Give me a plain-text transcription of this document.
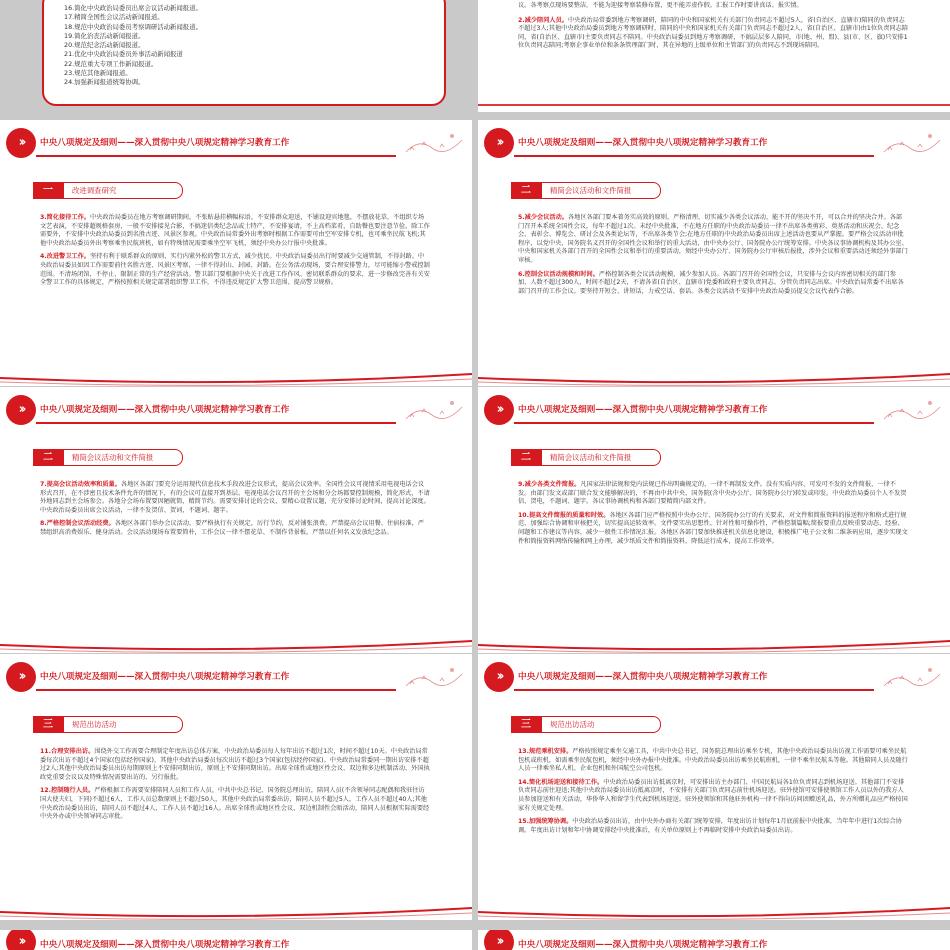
16.简化中央政治局委员出席会议活动新闻报道。
17.精简全国性会议活动新闻报道。
18.规范中央政治局委员考察调研活动新闻报道。
19.简化治丧活动新闻报道。
20.规范纪念活动新闻报道。
21.优化中央政治局委员外事活动新闻报道
22.规范重大专项工作新闻报道。
23.规范其他新闻报道。
24.加强新闻报道统筹协调。
议。各考察点现场要整洁，不能为迎接考察装修布置，更不能弄虚作假。汇报工作时要讲真话、报实情。
2.减少陪同人员。中央政治局常委到地方考察调研，陪同的中央和国家机关有关部门负责同志不超过5人，省(自治区、直辖市)陪同的负责同志不超过3人;其他中央政治局委员到地方考察调研时，陪同的中央和国家机关有关部门负责同志不超过2人，省(自治区、直辖市)由1位负责同志陪同，省(自治区、直辖市)主要负责同志不陪同。中央政治局委员到地方考察调研，不搞层层多人陪同，市(地、州、盟)、县(市、区、旗)只安排1位负责同志陪同;考察企事业单位和条条管理部门时，其在异地的上级单位和主管部门的负责同志不到现场陪同。
››	中央八项规定及细则——深入贯彻中央八项规定精神学习教育工作
一	改进调查研究
3.简化接待工作。中央政治局委员在地方考察调研期间，不张贴悬挂横幅标语，不安排群众迎送，不铺设迎宾地毯，不摆放花草，不组织专场文艺表演，不安排超规格套房，一般不安排接见合影，不搞迷信类纪念品或土特产，不安排宴请，不上高档菜肴，自助餐也要注意节俭。除工作需要外，不安排中央政治局委员到名胜古迹、风景区参观。中央政治局常委外出考察时根据工作需要可由空军安排专机，也可乘坐民航飞机;其他中央政治局委员外出考察乘坐民航班机，如有特殊情况需要乘坐空军飞机，须经中央办公厅报中央批准。
4.改进警卫工作。坚持有利于联系群众的原则，实行内紧外松的警卫方式，减少扰民。中央政治局委员出行时要减少交通管制，不得封路。中央政治局委员如因工作需要前往名胜古迹、风景区考察，一律不得封山、封园、封路。在公务活动现场，要合理安排警力，尽可能缩小警戒控制范围。不清场闭馆，不停止、限制正常的生产经营活动。警卫部门要根据中央关于改进工作作风、密切联系群众的要求，进一步修改完善有关安全警卫工作的具体规定，严格按照相关规定部署组织警卫工作，不得违反规定扩大警卫范围、提高警卫规格。
››	中央八项规定及细则——深入贯彻中央八项规定精神学习教育工作
二	精简会议活动和文件简报
5.减少会议活动。各地区各部门要本着务实高效的原则，严格清理、切实减少各类会议活动，能不开的坚决不开，可以合并的坚决合并。各部门召开本系统全国性会议，每年不超过1次。未经中央批准，不在地方任职的中央政治局委员一律不出席各类剪彩、奠基活动和庆祝会、纪念会、表彰会、博览会、研讨会及各类论坛等，不出席各类节会;在地方任职的中央政治局委员出席上述活动也要从严掌握。要严格会议活动审批程序，以党中央、国务院名义召开的全国性会议和举行的重大活动，由中央办公厅、国务院办公厅统筹安排。中央各议事协调机构及其办公室、中央和国家机关各部门召开的全国性会议和举行的重要活动，须经中央办公厅、国务院办公厅审核后报批，涉外会议和重要活动还须经外事部门审核。
6.控制会议活动规模和时间。严格控制各类会议活动规模，减少参加人员。各部门召开的全国性会议，只安排与会议内容密切相关的部门参加，人数不超过300人，时间不超过2天，不请各省(自治区、直辖市)党委和政府主要负责同志、分管负责同志出席。中央政治局常委不出席各部门召开的工作会议。要坚持开短会、讲短话，力戒空话、套话。各类会议活动不安排中央政治局委员提交会议代表作合影。
››	中央八项规定及细则——深入贯彻中央八项规定精神学习教育工作
二	精简会议活动和文件简报
7.提高会议活动效率和质量。各地区各部门要充分运用现代信息技术手段改进会议形式，提高会议效率。全国性会议可视情采用电视电话会议形式召开，在不涉密且技术条件允许的情况下，有的会议可直接开到基层。电视电话会议召开的主会场和分会场都要控制规模，简化形式，不请外地同志到主会场参会。各地分会场布置要因陋就简，精简节约。需要安排讨论的会议，要精心设置议题，充分安排讨论时间，提高讨论深度。中央政治局委员出席会议活动，一律不发贺信、贺词，不题词、题字。
8.严格控制会议活动经费。各地区各部门举办会议活动，要严格执行有关规定，厉行节约，反对铺张浪费。严禁提高会议用餐、住宿标准，严禁组织高消费娱乐、健身活动。会议活动现场布置要简朴，工作会议一律不摆花草、不制作背景板。严禁以任何名义发放纪念品。
››	中央八项规定及细则——深入贯彻中央八项规定精神学习教育工作
二	精简会议活动和文件简报
9.减少各类文件简报。凡国家法律法规和党内法规已作出明确规定的，一律不再制发文件。没有实质内容、可发可不发的文件简报，一律不发。由部门发文或部门联合发文能够解决的，不再由中共中央、国务院(含中央办公厅、国务院办公厅)转发或印发。中央政治局委员个人不发贺信、贺电，不题词、题字。各议事协调机构和各部门要精简内部文件。
10.提高文件简报的质量和时效。各地区各部门应严格按照中央办公厅、国务院办公厅的有关要求，对文件和简报资料的报送程序和格式进行规范，加强综合协调和审核把关，切实提高运转效率。文件要实出思想性、针对性和可操作性，严格控制篇幅;简报要重点反映重要动态、经验、问题和工作建议等内容，减少一般性工作情况汇报。各地区各部门要加快推进机关信息化建设，积极推广电子公文和二维条码应用，逐步实现文件和简报资料网络传输和网上办理，减少纸质文件和简报资料，降低运行成本，提高工作效率。
››	中央八项规定及细则——深入贯彻中央八项规定精神学习教育工作
三	规范出访活动
11.合理安排出访。围绕外交工作需要合理制定年度出访总体方案，中央政治局委员每人每年出访不超过1次，时间不超过10天。中央政治局常委每次出访不超过4个国家(包括经停国家)，其他中央政治局委员每次出访不超过3个国家(包括经停国家)。中央政治局常委同一期出访安排不超过2人;其他中央政治局委员出访每期原则上不安排同期出访，原则上不安排同期出访。出席全球性或地区性会议、双边和多边机制活动、外国执政党重要会议以及特殊情况需要出访的，另行报批。
12.控制随行人员。严格根据工作需要安排陪同人员和工作人员，中共中央总书记、国务院总理出访，陪同人员(不含领导同志配偶和我驻往访国大使夫妇，下同)不超过6人，工作人员总数原则上不超过50人，其他中央政治局常委出访，陪同人员不超过5人，工作人员不超过40人;其他中央政治局委员出访，陪同人员不超过4人，工作人员不超过16人。出席全球性或地区性会议、双边机制性会晤活动，陪同人员根据实际需要经中央外办或中央领导同志审批。
››	中央八项规定及细则——深入贯彻中央八项规定精神学习教育工作
三	规范出访活动
13.规范乘机安排。严格按照规定乘坐交通工具，中共中央总书记、国务院总理出访乘坐专机，其他中央政治局委员出访视工作需要可乘坐民航包机或班机，如需乘坐民航包机，须经中央外办报中央批准。中央政治局委员出访乘坐民航班机，一律不乘坐民航头等舱。其他陪同人员及随行人员一律乘坐私人机、企业包机和外国航空公司包机。
14.简化机场迎送和接待工作。中央政治局委员出访抵离京时，可安排出访主办部门、中国民航局各1位负责同志到机场迎送。其他部门不安排负责同志前往迎送;其他中央政治局委员出访抵离京时，不安排有关部门负责同志前往机场迎送。驻外使馆可安排使领馆工作人员以外的我方人员参加迎送和有关活动，华侨华人和留学生代表到机场迎送。驻外使领馆和其他驻外机构一律不得向访问团赠送礼品，外方所赠礼品应严格按国家有关规定处理。
15.加强统筹协调。中央政治局委员出访，由中央外办商有关部门统筹安排，年度出访计划每年1月底前报中央批准，当年年中进行1次综合协调。年度出访计划和年中协调安排经中央批准后，有关单位原则上不再临时安排中央政治局委员出访。
››	中央八项规定及细则——深入贯彻中央八项规定精神学习教育工作	››	中央八项规定及细则——深入贯彻中央八项规定精神学习教育工作
